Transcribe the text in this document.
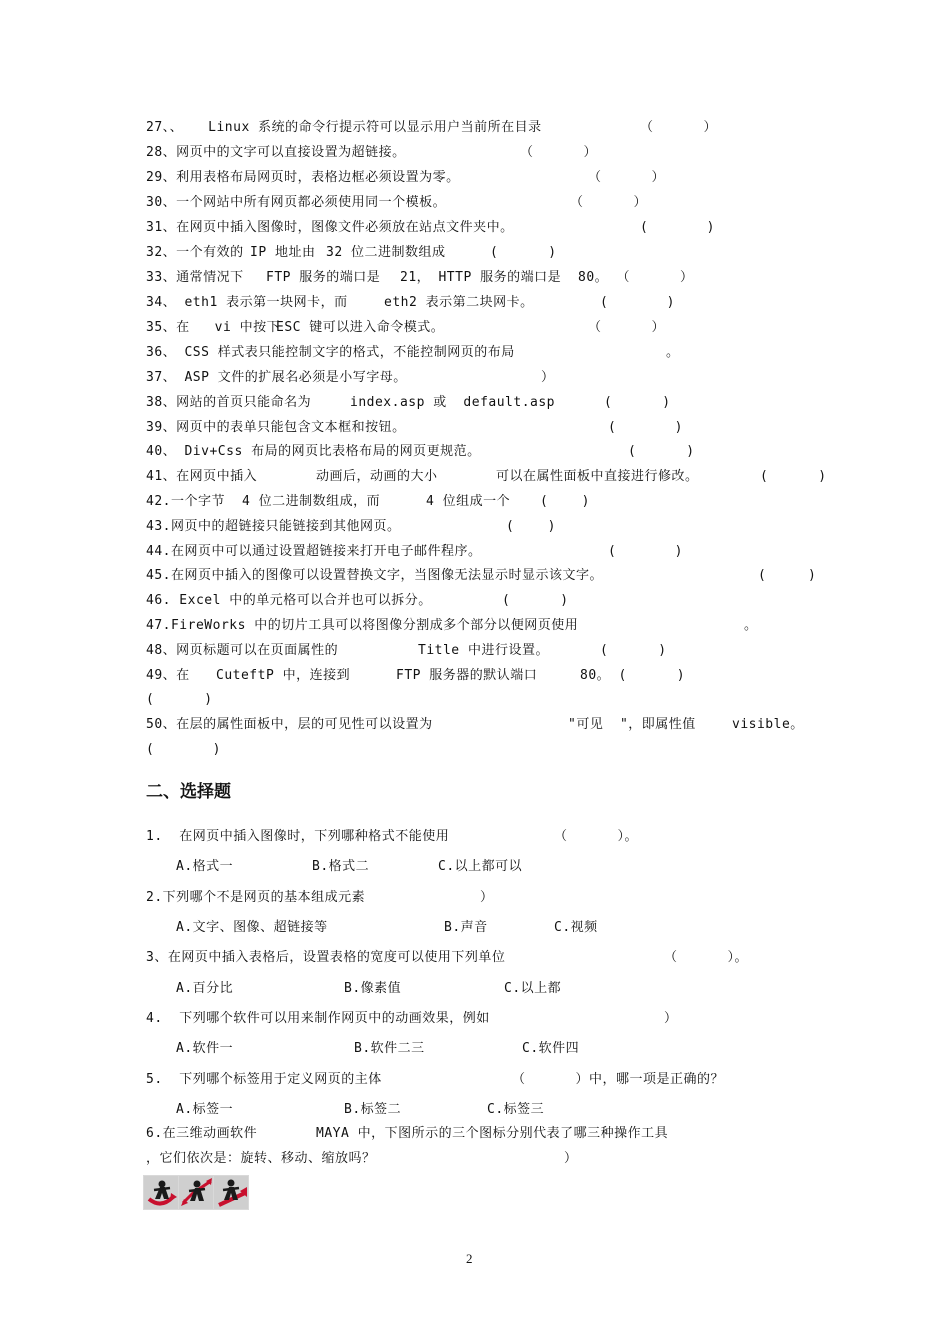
27、、   Linux 系统的命令行提示符可以显示用户当前所在目录	（      ）
28、网页中的文字可以直接设置为超链接。	（      ）
29、利用表格布局网页时，表格边框必须设置为零。	（      ）
30、一个网站中所有网页都必须使用同一个模板。	（      ）
31、在网页中插入图像时，图像文件必须放在站点文件夹中。	(       )
32、一个有效的 IP 地址由 32 位二进制数组成	(      )
33、通常情况下 FTP 服务的端口是 21， HTTP 服务的端口是 80。 （      ）
34、 eth1 表示第一块网卡，而	eth2 表示第二块网卡。	(       )
35、在   vi 中按下
ESC 键可以进入命令模式。	（      ）
36、 CSS 样式表只能控制文字的格式，不能控制网页的布局	。
37、 ASP 文件的扩展名必须是小写字母。	）
38、网站的首页只能命名为	index.asp 或  default.asp	(      )
39、网页中的表单只能包含文本框和按钮。	(       )
40、 Div+Css 布局的网页比表格布局的网页更规范。	(      )
41、在网页中插入	动画后，动画的大小	可以在属性面板中直接进行修改。	(      )
42.一个字节 4 位二进制数组成，而	4 位组成一个 (    )
43.网页中的超链接只能链接到其他网页。	(    )
44.在网页中可以通过设置超链接来打开电子邮件程序。	(       )
45.在网页中插入的图像可以设置替换文字，当图像无法显示时显示该文字。	(     )
46. Excel 中的单元格可以合并也可以拆分。	(      )
47.FireWorks 中的切片工具可以将图像分割成多个部分以便网页使用	。
48、网页标题可以在页面属性的	Title 中进行设置。	(      )
49、在 CuteftP 中，连接到	FTP 服务器的默认端口	80。 (      )
(      )
50、在层的属性面板中，层的可见性可以设置为	"可见  "，即属性值	visible。
(       )
二、选择题
1.  在网页中插入图像时，下列哪种格式不能使用	（      ）。
A.格式一	B.格式二	C.以上都可以
2.下列哪个不是网页的基本组成元素	）
A.文字、图像、超链接等	B.声音	C.视频
3、在网页中插入表格后，设置表格的宽度可以使用下列单位	（      ）。
A.百分比	B.像素值	C.以上都
4.  下列哪个软件可以用来制作网页中的动画效果，例如	）
A.软件一	B.软件二三	C.软件四
5.  下列哪个标签用于定义网页的主体	（      ）中，哪一项是正确的？
A.标签一	B.标签二	C.标签三
6.在三维动画软件	MAYA 中，下图所示的三个图标分别代表了哪三种操作工具
，它们依次是：旋转、移动、缩放吗？	）
2
